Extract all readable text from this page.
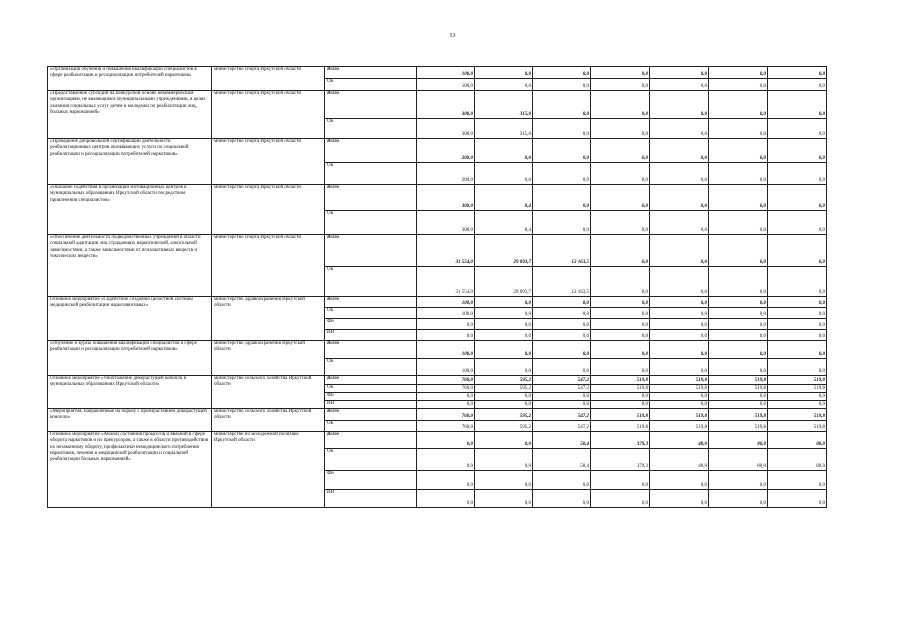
13
«Организация обучения и повышения квалификации специалистов в сфере реабилитации и ресоциализации потребителей наркотиков»	министерство спорта Иркутской области	Всего	100,0	0,0	0,0	0,0	0,0	0,0	0,0
		ОБ	100,0	0,0	0,0	0,0	0,0	0,0	0,0
«Предоставление субсидий на конкурсной основе некоммерческим организациям, не являющимся муниципальными учреждениями, в целях оказания социальных услуг детям и молодежи по реабилитации лиц, больных наркоманией»	министерство спорта Иркутской области	Всего	300,0	315,0	0,0	0,0	0,0	0,0	0,0
		ОБ	300,0	315,0	0,0	0,0	0,0	0,0	0,0
«Проведение добровольной сертификации деятельности реабилитационных центров оказывающих услуги по социальной реабилитации и ресоциализации потребителей наркотиков»	министерство спорта Иркутской области	Всего	200,0	0,0	0,0	0,0	0,0	0,0	0,0
		ОБ	200,0	0,0	0,0	0,0	0,0	0,0	0,0
«Оказание содействия в организации мотивационных центров в муниципальных образованиях Иркутской области посредством привлечения специалистов»	министерство спорта Иркутской области	Всего	300,0	8,4	0,0	0,0	0,0	0,0	0,0
		ОБ	300,0	8,4	0,0	0,0	0,0	0,0	0,0
«Обеспечение деятельности подведомственных учреждений в области социальной адаптации лиц страдающих наркотической, алкогольной зависимостями, а также зависимостями от психоактивных веществ и токсических веществ»	министерство спорта Иркутской области	Всего	31 554,0	29 093,7	12 163,5	0,0	0,0	0,0	0,0
		ОБ	31 554,0	29 093,7	12 163,5	0,0	0,0	0,0	0,0
Основное мероприятие «Содействие созданию целостной системы медицинской реабилитации наркозависимых»	министерство здравоохранения Иркутской области	Всего	100,0	0,0	0,0	0,0	0,0	0,0	0,0
		ОБ	100,0	0,0	0,0	0,0	0,0	0,0	0,0
		ФБ	0,0	0,0	0,0	0,0	0,0	0,0	0,0
		ИИ	0,0	0,0	0,0	0,0	0,0	0,0	0,0
«Обучение и курсы повышения квалификации специалистов в сфере реабилитации и ресоциализации потребителей наркотиков»	министерство здравоохранения Иркутской области	Всего	100,0	0,0	0,0	0,0	0,0	0,0	0,0
		ОБ	100,0	0,0	0,0	0,0	0,0	0,0	0,0
Основное мероприятие «Уничтожение дикорастущей конопли в муниципальных образованиях Иркутской области»	министерство сельского хозяйства Иркутской области	Всего	760,0	595,2	547,2	519,8	519,8	519,8	519,8
		ОБ	760,0	595,2	547,2	519,8	519,8	519,8	519,8
		ФБ	0,0	0,0	0,0	0,0	0,0	0,0	0,0
		ИИ	0,0	0,0	0,0	0,0	0,0	0,0	0,0
«Мероприятия, направленные на борьбу с произрастанием дикорастущей конопли»	министерство сельского хозяйства Иркутской области	Всего	760,0	595,2	547,2	519,8	519,8	519,8	519,8
		ОБ	760,0	595,2	547,2	519,8	519,8	519,8	519,8
Основное мероприятие «Анализ состояния процессов и явлений в сфере оборота наркотиков и их прекурсоров, а также в области противодействия их незаконному обороту, профилактики немедицинского потребления наркотиков, лечения и медицинской реабилитации и социальной реабилитации больных наркоманией»	министерство по молодежной политике Иркутской области	Всего	0,0	0,0	50,4	379,3	40,0	80,0	80,0
		ОБ	0,0	0,0	50,4	379,3	40,0	80,0	80,0
		ФБ	0,0	0,0	0,0	0,0	0,0	0,0	0,0
		ИИ	0,0	0,0	0,0	0,0	0,0	0,0	0,0
